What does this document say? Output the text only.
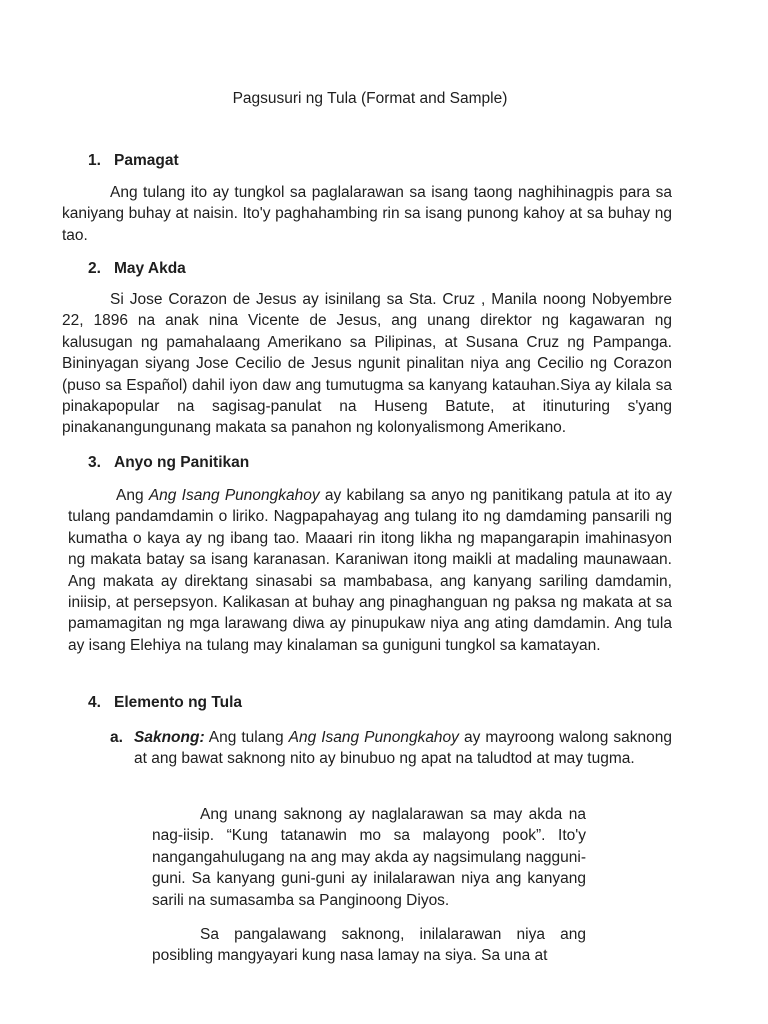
Pagsusuri ng Tula (Format and Sample)
1. Pamagat

Ang tulang ito ay tungkol sa paglalarawan sa isang taong naghihinagpis para sa kaniyang buhay at naisin. Ito'y paghahambing rin sa isang punong kahoy at sa buhay ng tao.

2. May Akda

Si Jose Corazon de Jesus ay isinilang sa Sta. Cruz , Manila noong Nobyembre 22, 1896 na anak nina Vicente de Jesus, ang unang direktor ng kagawaran ng kalusugan ng pamahalaang Amerikano sa Pilipinas, at Susana Cruz ng Pampanga. Bininyagan siyang Jose Cecilio de Jesus ngunit pinalitan niya ang Cecilio ng Corazon (puso sa Español) dahil iyon daw ang tumutugma sa kanyang katauhan.Siya ay kilala sa pinakapopular na sagisag-panulat na Huseng Batute, at itinuturing s'yang pinakanangungunang makata sa panahon ng kolonyalismong Amerikano.

3. Anyo ng Panitikan

Ang Ang Isang Punongkahoy ay kabilang sa anyo ng panitikang patula at ito ay tulang pandamdamin o liriko. Nagpapahayag ang tulang ito ng damdaming pansarili ng kumatha o kaya ay ng ibang tao. Maaari rin itong likha ng mapangarapin imahinasyon ng makata batay sa isang karanasan. Karaniwan itong maikli at madaling maunawaan. Ang makata ay direktang sinasabi sa mambabasa, ang kanyang sariling damdamin, iniisip, at persepsyon. Kalikasan at buhay ang pinaghanguan ng paksa ng makata at sa pamamagitan ng mga larawang diwa ay pinupukaw niya ang ating damdamin. Ang tula ay isang Elehiya na tulang may kinalaman sa guniguni tungkol sa kamatayan.

4. Elemento ng Tula
a. Saknong: Ang tulang Ang Isang Punongkahoy ay mayroong walong saknong at ang bawat saknong nito ay binubuo ng apat na taludtod at may tugma.

Ang unang saknong ay naglalarawan sa may akda na nag-iisip. “Kung tatanawin mo sa malayong pook”. Ito'y nangangahulugang na ang may akda ay nagsimulang nagguni-guni. Sa kanyang guni-guni ay inilalarawan niya ang kanyang sarili na sumasamba sa Panginoong Diyos.

Sa pangalawang saknong, inilalarawan niya ang posibling mangyayari kung nasa lamay na siya. Sa una at
